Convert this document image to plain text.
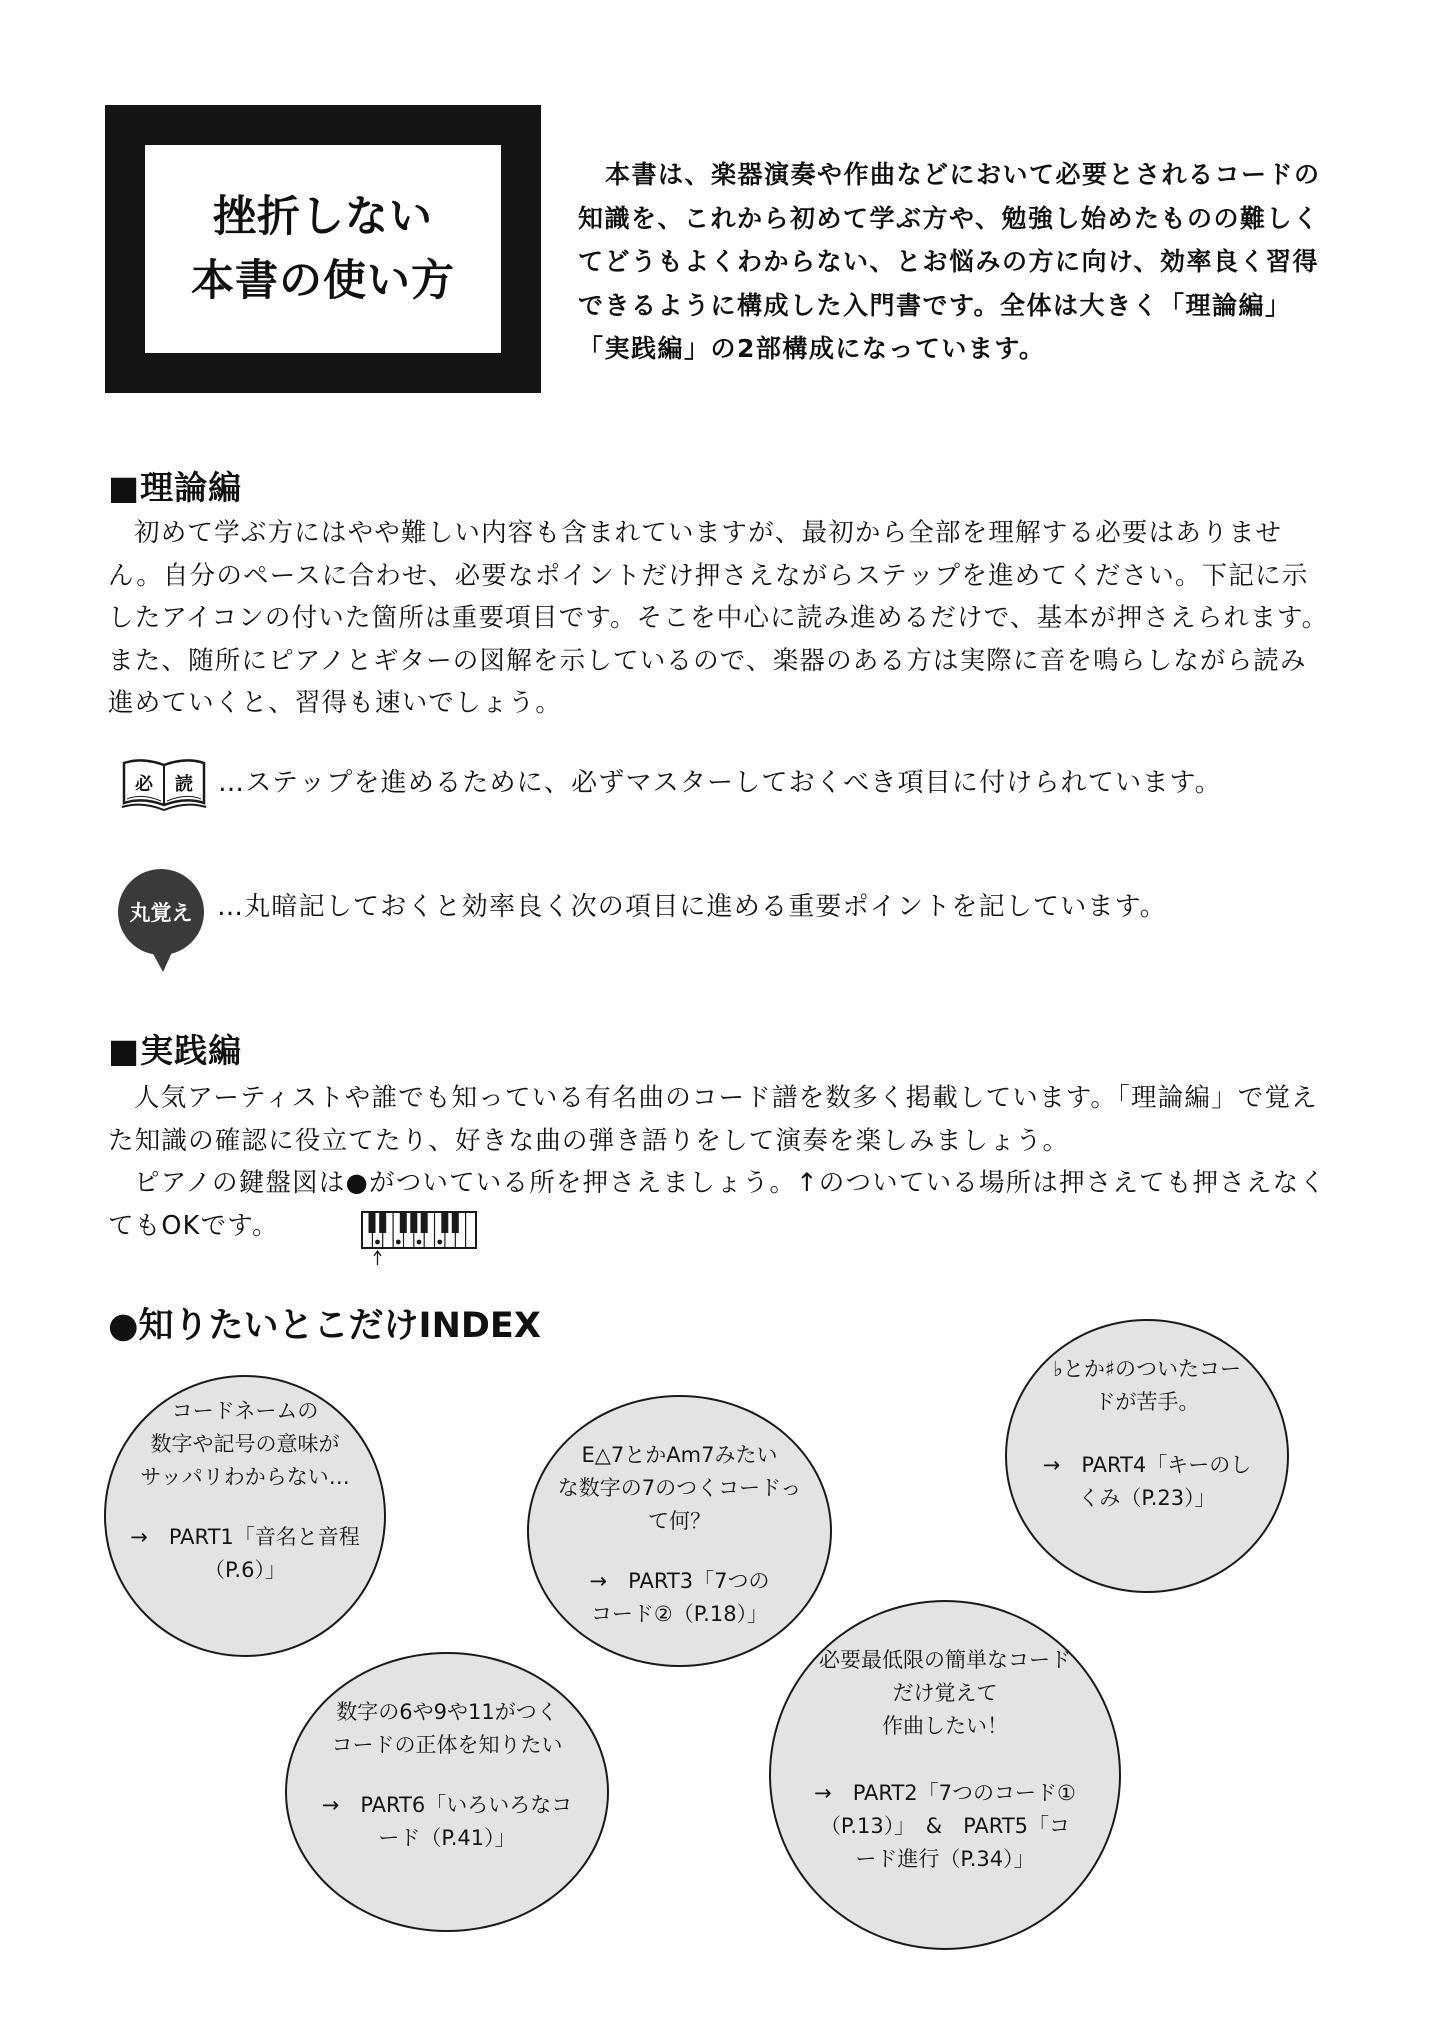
挫折しない
本書の使い方
本書は、楽器演奏や作曲などにおいて必要とされるコードの知識を、これから初めて学ぶ方や、勉強し始めたものの難しくてどうもよくわからない、とお悩みの方に向け、効率良く習得できるように構成した入門書です。全体は大きく「理論編」「実践編」の2部構成になっています。
■理論編
初めて学ぶ方にはやや難しい内容も含まれていますが、最初から全部を理解する必要はありません。自分のペースに合わせ、必要なポイントだけ押さえながらステップを進めてください。下記に示したアイコンの付いた箇所は重要項目です。そこを中心に読み進めるだけで、基本が押さえられます。また、随所にピアノとギターの図解を示しているので、楽器のある方は実際に音を鳴らしながら読み進めていくと、習得も速いでしょう。
必 読 …ステップを進めるために、必ずマスターしておくべき項目に付けられています。
丸覚え …丸暗記しておくと効率良く次の項目に進める重要ポイントを記しています。
■実践編
人気アーティストや誰でも知っている有名曲のコード譜を数多く掲載しています。「理論編」で覚えた知識の確認に役立てたり、好きな曲の弾き語りをして演奏を楽しみましょう。
ピアノの鍵盤図は●がついている所を押さえましょう。↑のついている場所は押さえても押さえなくてもOKです。
●知りたいとこだけINDEX
コードネームの
数字や記号の意味が
サッパリわからない…
→　PART1「音名と音程
（P.6）」
E△7とかAm7みたい
な数字の7のつくコードっ
て何？
→　PART3「7つの
コード②（P.18）」
♭とか♯のついたコー
ドが苦手。
→　PART4「キーのし
くみ（P.23）」
数字の6や9や11がつく
コードの正体を知りたい
→　PART6「いろいろなコ
ード（P.41）」
必要最低限の簡単なコード
だけ覚えて
作曲したい！
→　PART2「7つのコード①
（P.13）」　&　PART5「コ
ード進行（P.34）」
